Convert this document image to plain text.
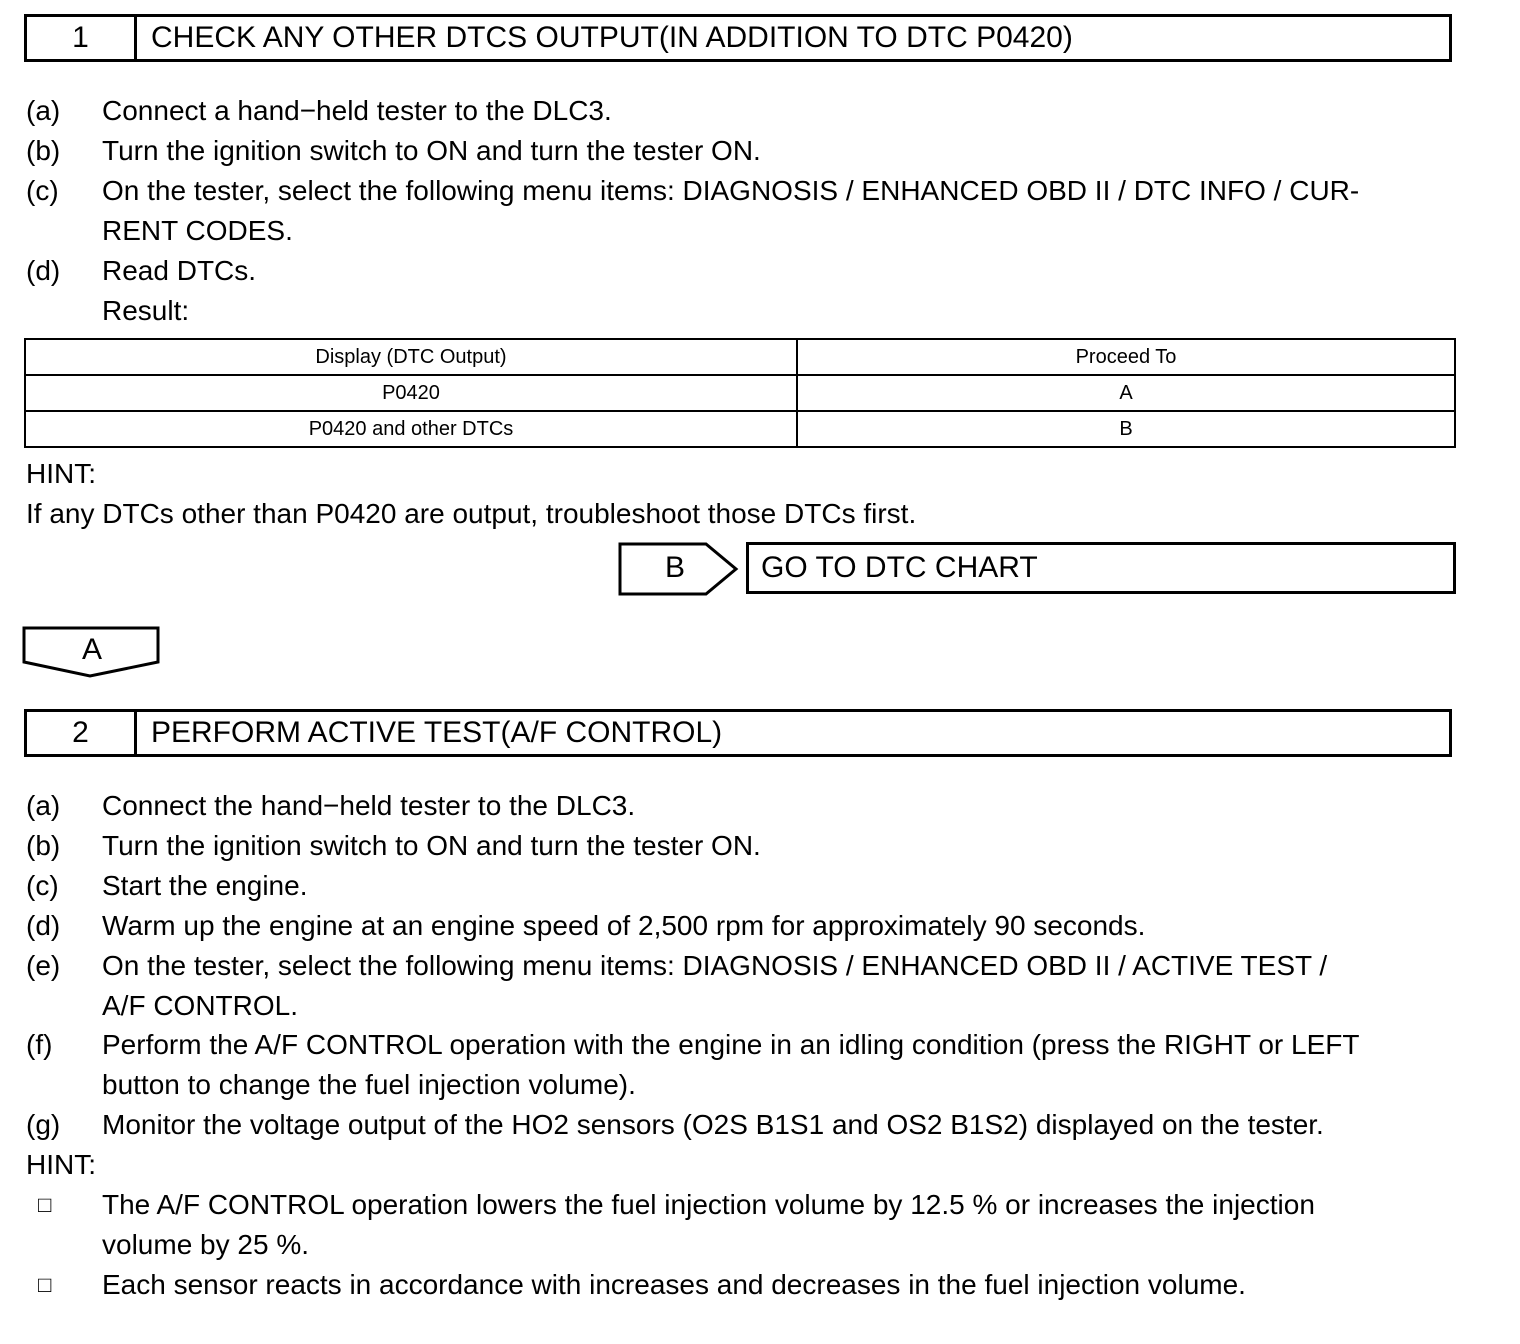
1	CHECK ANY OTHER DTCS OUTPUT(IN ADDITION TO DTC P0420)
(a) Connect a hand−held tester to the DLC3.
(b) Turn the ignition switch to ON and turn the tester ON.
(c) On the tester, select the following menu items: DIAGNOSIS / ENHANCED OBD II / DTC INFO / CUR-
RENT CODES.
(d) Read DTCs.
Result:
Display (DTC Output)	Proceed To
P0420	A
P0420 and other DTCs	B
HINT:
If any DTCs other than P0420 are output, troubleshoot those DTCs first.
B	GO TO DTC CHART
A
2	PERFORM ACTIVE TEST(A/F CONTROL)
(a) Connect the hand−held tester to the DLC3.
(b) Turn the ignition switch to ON and turn the tester ON.
(c) Start the engine.
(d) Warm up the engine at an engine speed of 2,500 rpm for approximately 90 seconds.
(e) On the tester, select the following menu items: DIAGNOSIS / ENHANCED OBD II / ACTIVE TEST /
A/F CONTROL.
(f) Perform the A/F CONTROL operation with the engine in an idling condition (press the RIGHT or LEFT
button to change the fuel injection volume).
(g) Monitor the voltage output of the HO2 sensors (O2S B1S1 and OS2 B1S2) displayed on the tester.
HINT:
□ The A/F CONTROL operation lowers the fuel injection volume by 12.5 % or increases the injection
volume by 25 %.
□ Each sensor reacts in accordance with increases and decreases in the fuel injection volume.
